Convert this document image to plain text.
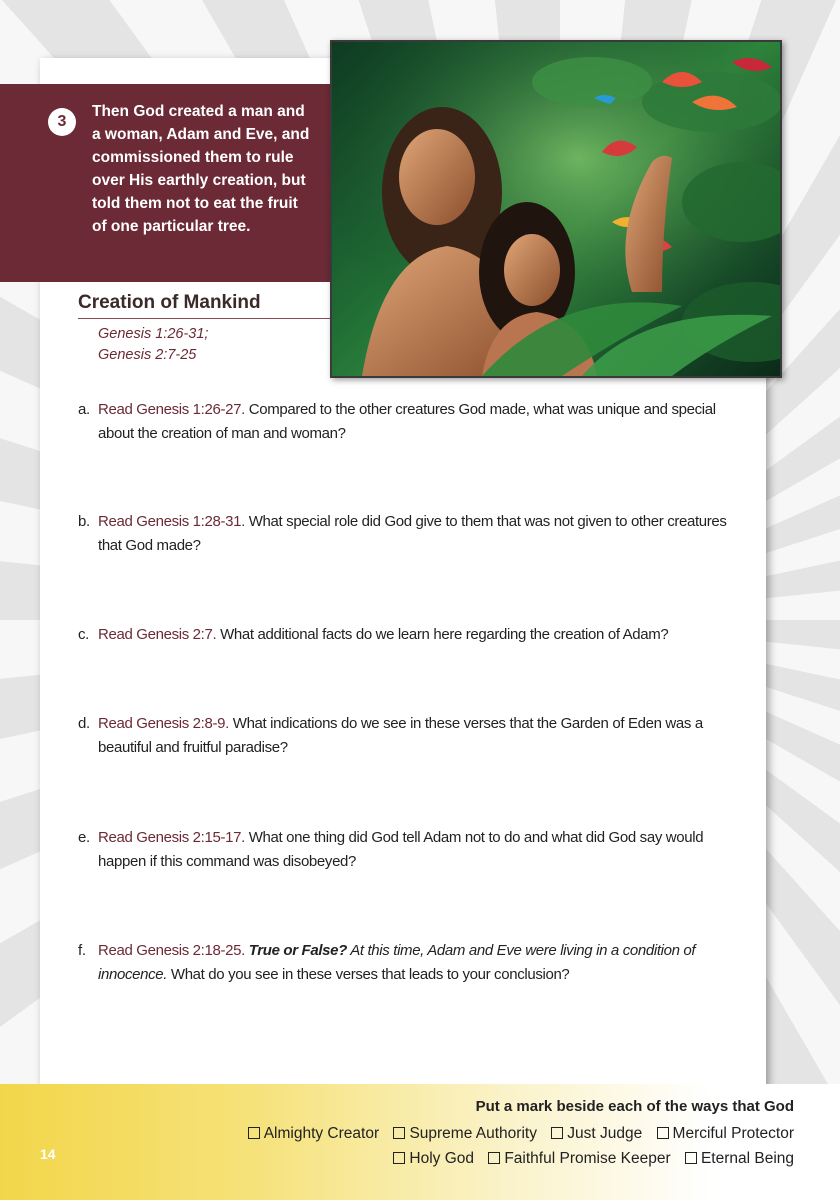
3
Then God created a man and a woman, Adam and Eve, and commissioned them to rule over His earthly creation, but told them not to eat the fruit of one particular tree.
Creation of Mankind
Genesis 1:26-31;
Genesis 2:7-25
a. Read Genesis 1:26-27. Compared to the other creatures God made, what was unique and special about the creation of man and woman?
b. Read Genesis 1:28-31. What special role did God give to them that was not given to other creatures that God made?
c. Read Genesis 2:7. What additional facts do we learn here regarding the creation of Adam?
d. Read Genesis 2:8-9. What indications do we see in these verses that the Garden of Eden was a beautiful and fruitful paradise?
e. Read Genesis 2:15-17. What one thing did God tell Adam not to do and what did God say would happen if this command was disobeyed?
f. Read Genesis 2:18-25. True or False? At this time, Adam and Eve were living in a condition of innocence. What do you see in these verses that leads to your conclusion?
14
Put a mark beside each of the ways that God
Almighty Creator Supreme Authority Just Judge Merciful Protector
Holy God Faithful Promise Keeper Eternal Being
